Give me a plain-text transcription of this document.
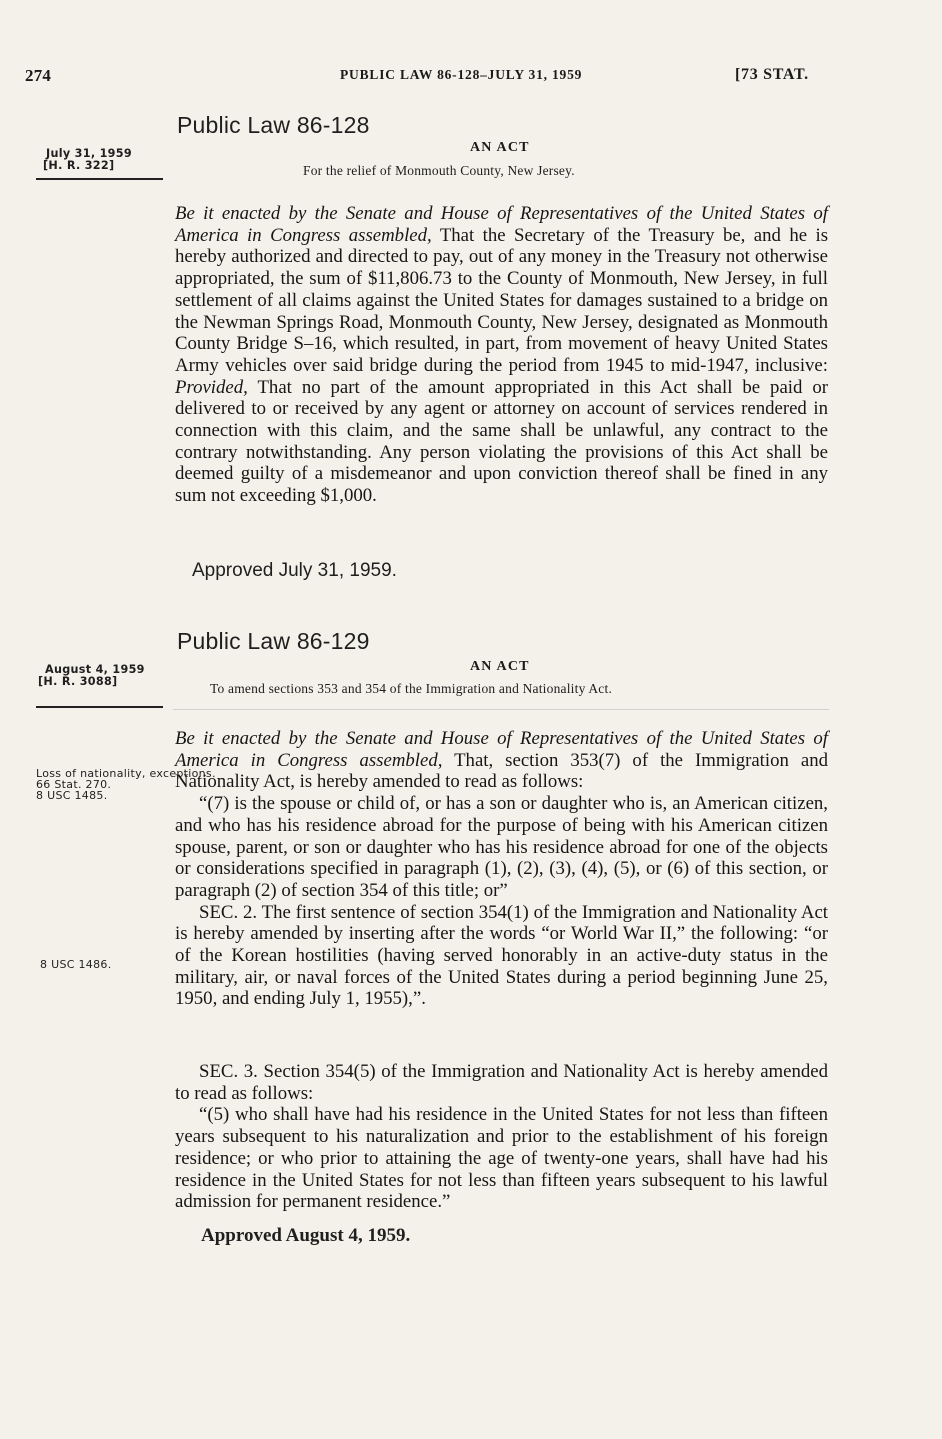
274	PUBLIC LAW 86-128–JULY 31, 1959	[73 STAT.
July 31, 1959
[H. R. 322]
Public Law 86-128
AN ACT
For the relief of Monmouth County, New Jersey.
Be it enacted by the Senate and House of Representatives of the United States of America in Congress assembled, That the Secretary of the Treasury be, and he is hereby authorized and directed to pay, out of any money in the Treasury not otherwise appropriated, the sum of $11,806.73 to the County of Monmouth, New Jersey, in full settlement of all claims against the United States for damages sustained to a bridge on the Newman Springs Road, Monmouth County, New Jersey, designated as Monmouth County Bridge S–16, which resulted, in part, from movement of heavy United States Army vehicles over said bridge during the period from 1945 to mid-1947, inclusive: Provided, That no part of the amount appropriated in this Act shall be paid or delivered to or received by any agent or attorney on account of services rendered in connection with this claim, and the same shall be unlawful, any contract to the contrary notwithstanding. Any person violating the provisions of this Act shall be deemed guilty of a misdemeanor and upon conviction thereof shall be fined in any sum not exceeding $1,000.
Approved July 31, 1959.
Public Law 86-129
AN ACT
August 4, 1959
[H. R. 3088]	To amend sections 353 and 354 of the Immigration and Nationality Act.
Loss of nationality, exceptions.
66 Stat. 270.
8 USC 1485.
Be it enacted by the Senate and House of Representatives of the United States of America in Congress assembled, That, section 353(7) of the Immigration and Nationality Act, is hereby amended to read as follows:
“(7) is the spouse or child of, or has a son or daughter who is, an American citizen, and who has his residence abroad for the purpose of being with his American citizen spouse, parent, or son or daughter who has his residence abroad for one of the objects or considerations specified in paragraph (1), (2), (3), (4), (5), or (6) of this section, or paragraph (2) of section 354 of this title; or”
SEC. 2. The first sentence of section 354(1) of the Immigration and Nationality Act is hereby amended by inserting after the words “or World War II,” the following: “or of the Korean hostilities (having served honorably in an active-duty status in the military, air, or naval forces of the United States during a period beginning June 25, 1950, and ending July 1, 1955),”.
8 USC 1486.
SEC. 3. Section 354(5) of the Immigration and Nationality Act is hereby amended to read as follows:
“(5) who shall have had his residence in the United States for not less than fifteen years subsequent to his naturalization and prior to the establishment of his foreign residence; or who prior to attaining the age of twenty-one years, shall have had his residence in the United States for not less than fifteen years subsequent to his lawful admission for permanent residence.”
Approved August 4, 1959.
